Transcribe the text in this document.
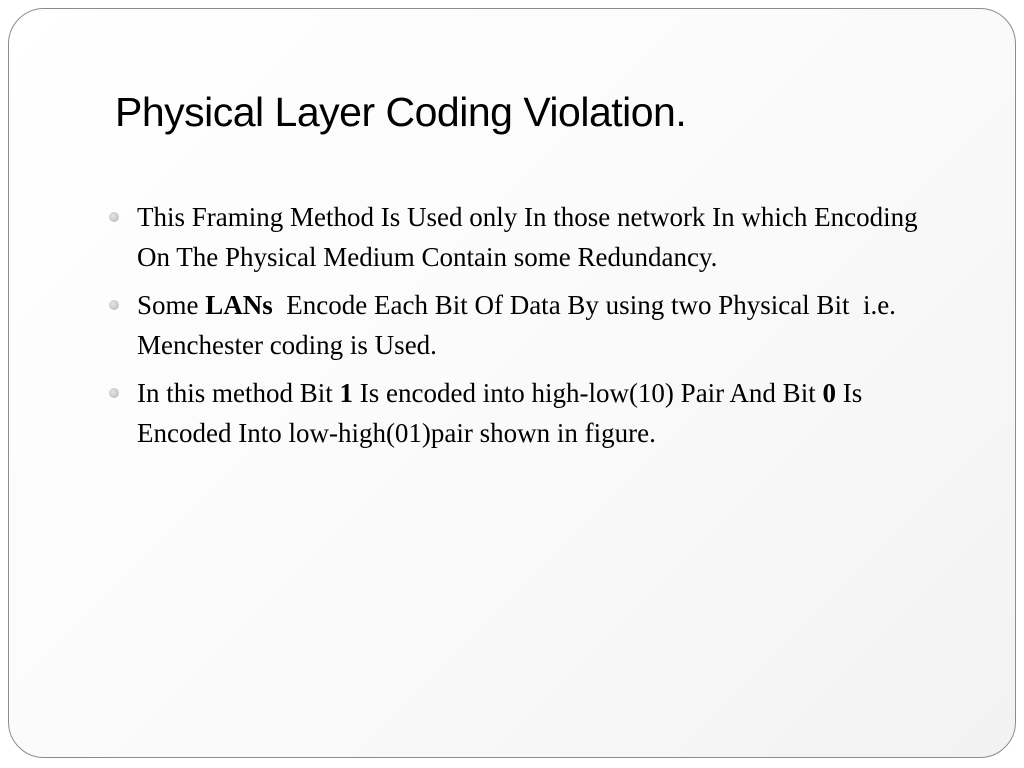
Physical Layer Coding Violation.
This Framing Method Is Used only In those network In which Encoding On The Physical Medium Contain some Redundancy.
Some LANs  Encode Each Bit Of Data By using two Physical Bit  i.e. Menchester coding is Used.
In this method Bit 1 Is encoded into high-low(10) Pair And Bit 0 Is Encoded Into low-high(01)pair shown in figure.
